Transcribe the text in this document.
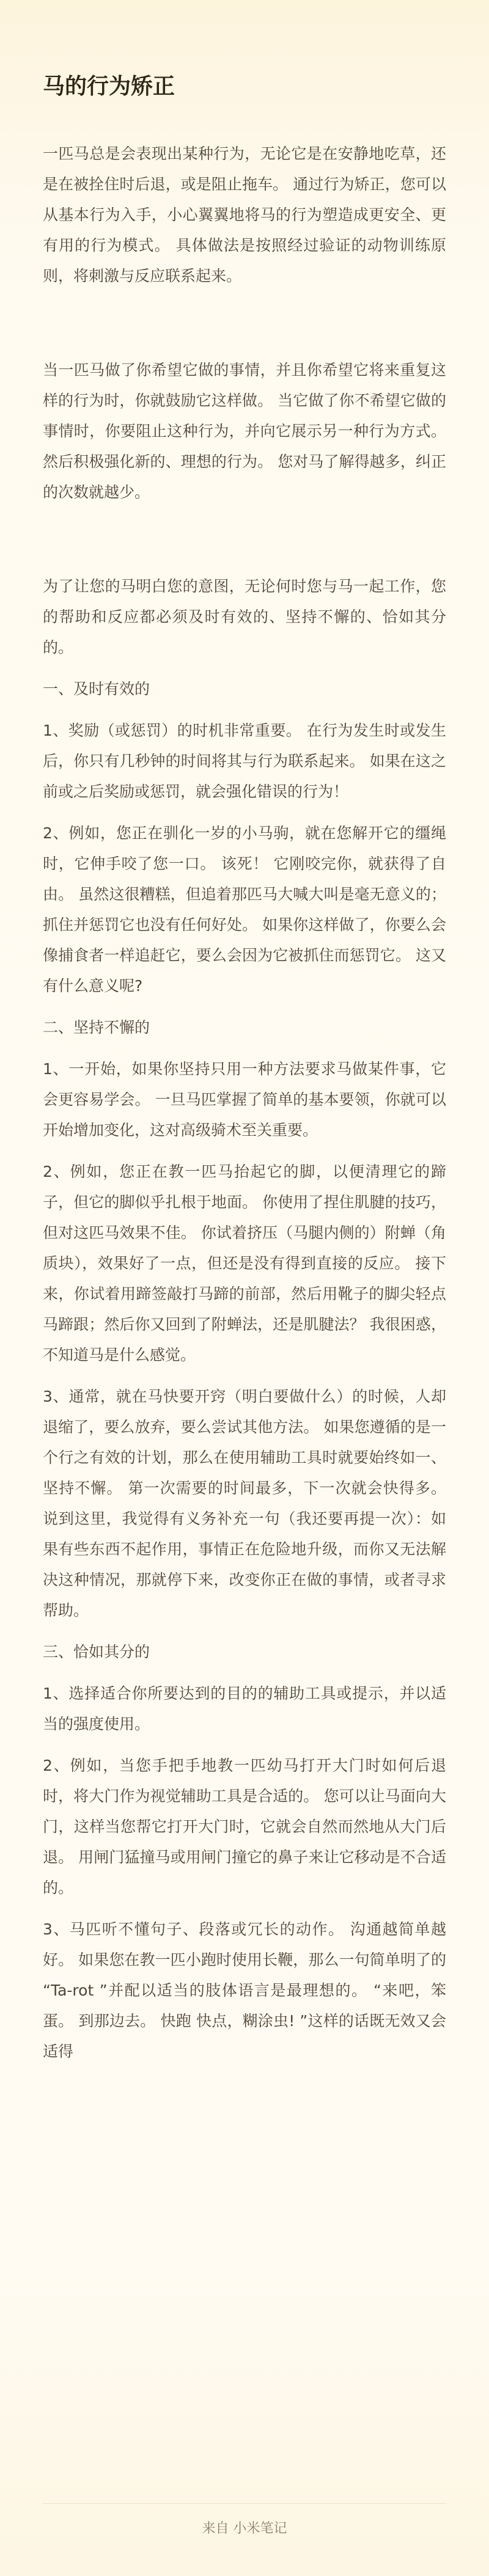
马的行为矫正

一匹马总是会表现出某种行为，无论它是在安静地吃草，还是在被拴住时后退，或是阻止拖车。 通过行为矫正，您可以从基本行为入手，小心翼翼地将马的行为塑造成更安全、更有用的行为模式。 具体做法是按照经过验证的动物训练原则，将刺激与反应联系起来。

当一匹马做了你希望它做的事情，并且你希望它将来重复这样的行为时，你就鼓励它这样做。 当它做了你不希望它做的事情时，你要阻止这种行为，并向它展示另一种行为方式。 然后积极强化新的、理想的行为。 您对马了解得越多，纠正的次数就越少。

为了让您的马明白您的意图，无论何时您与马一起工作，您的帮助和反应都必须及时有效的、坚持不懈的、恰如其分的。

一、及时有效的

1、奖励（或惩罚）的时机非常重要。 在行为发生时或发生后，你只有几秒钟的时间将其与行为联系起来。 如果在这之前或之后奖励或惩罚，就会强化错误的行为！

2、例如，您正在驯化一岁的小马驹，就在您解开它的缰绳时，它伸手咬了您一口。 该死！ 它刚咬完你，就获得了自由。 虽然这很糟糕，但追着那匹马大喊大叫是毫无意义的；抓住并惩罚它也没有任何好处。 如果你这样做了，你要么会像捕食者一样追赶它，要么会因为它被抓住而惩罚它。 这又有什么意义呢?

二、坚持不懈的

1、一开始，如果你坚持只用一种方法要求马做某件事，它会更容易学会。 一旦马匹掌握了简单的基本要领，你就可以开始增加变化，这对高级骑术至关重要。

2、例如，您正在教一匹马抬起它的脚，以便清理它的蹄子，但它的脚似乎扎根于地面。 你使用了捏住肌腱的技巧，但对这匹马效果不佳。 你试着挤压（马腿内侧的）附蝉（角质块），效果好了一点，但还是没有得到直接的反应。 接下来，你试着用蹄签敲打马蹄的前部，然后用靴子的脚尖轻点马蹄跟；然后你又回到了附蝉法，还是肌腱法？ 我很困惑，不知道马是什么感觉。

3、通常，就在马快要开窍（明白要做什么）的时候，人却退缩了，要么放弃，要么尝试其他方法。 如果您遵循的是一个行之有效的计划，那么在使用辅助工具时就要始终如一、坚持不懈。 第一次需要的时间最多，下一次就会快得多。 说到这里，我觉得有义务补充一句（我还要再提一次）：如果有些东西不起作用，事情正在危险地升级，而你又无法解决这种情况，那就停下来，改变你正在做的事情，或者寻求帮助。

三、恰如其分的

1、选择适合你所要达到的目的的辅助工具或提示，并以适当的强度使用。

2、例如，当您手把手地教一匹幼马打开大门时如何后退时，将大门作为视觉辅助工具是合适的。 您可以让马面向大门，这样当您帮它打开大门时，它就会自然而然地从大门后退。 用闸门猛撞马或用闸门撞它的鼻子来让它移动是不合适的。

3、马匹听不懂句子、段落或冗长的动作。 沟通越简单越好。 如果您在教一匹小跑时使用长鞭，那么一句简单明了的 “Ta-rot ”并配以适当的肢体语言是最理想的。 “来吧，笨蛋。 到那边去。 快跑 快点，糊涂虫! ”这样的话既无效又会适得

来自 小米笔记
